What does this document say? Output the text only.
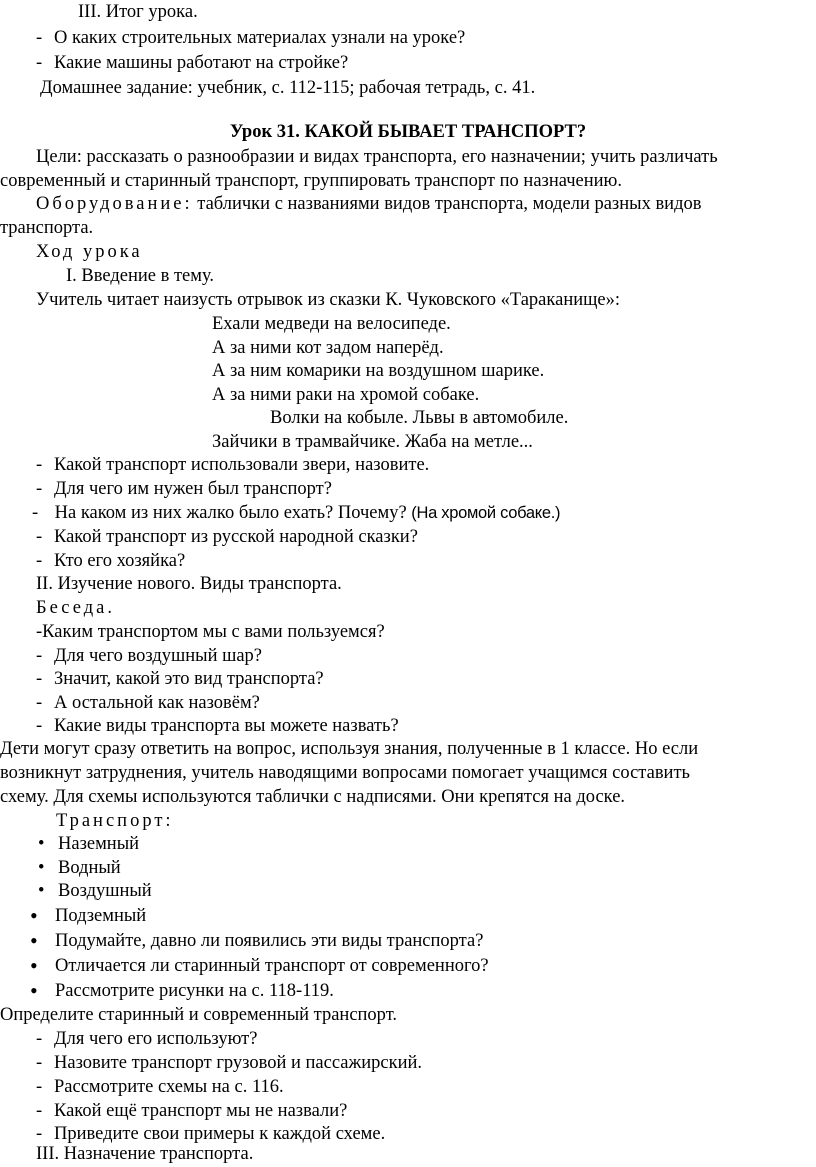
III. Итог урока.
- О каких строительных материалах узнали на уроке?
- Какие машины работают на стройке?
Домашнее задание: учебник, с. 112-115; рабочая тетрадь, с. 41.
Урок 31. КАКОЙ БЫВАЕТ ТРАНСПОРТ?
Цели: рассказать о разнообразии и видах транспорта, его назначении; учить различать
современный и старинный транспорт, группировать транспорт по назначению.
Оборудование: таблички с названиями видов транспорта, модели разных видов
транспорта.
Ход урока
I. Введение в тему.
Учитель читает наизусть отрывок из сказки К. Чуковского «Тараканище»:
Ехали медведи на велосипеде.
А за ними кот задом наперёд.
А за ним комарики на воздушном шарике.
А за ними раки на хромой собаке.
Волки на кобыле. Львы в автомобиле.
Зайчики в трамвайчике. Жаба на метле...
- Какой транспорт использовали звери, назовите.
- Для чего им нужен был транспорт?
- На каком из них жалко было ехать? Почему? (На хромой собаке.)
- Какой транспорт из русской народной сказки?
- Кто его хозяйка?
II. Изучение нового. Виды транспорта.
Беседа.
-Каким транспортом мы с вами пользуемся?
- Для чего воздушный шар?
- Значит, какой это вид транспорта?
- А остальной как назовём?
- Какие виды транспорта вы можете назвать?
Дети могут сразу ответить на вопрос, используя знания, полученные в 1 классе. Но если
возникнут затруднения, учитель наводящими вопросами помогает учащимся составить
схему. Для схемы используются таблички с надписями. Они крепятся на доске.
Транспорт:
• Наземный
• Водный
• Воздушный
• Подземный
• Подумайте, давно ли появились эти виды транспорта?
• Отличается ли старинный транспорт от современного?
• Рассмотрите рисунки на с. 118-119.
Определите старинный и современный транспорт.
- Для чего его используют?
- Назовите транспорт грузовой и пассажирский.
- Рассмотрите схемы на с. 116.
- Какой ещё транспорт мы не назвали?
- Приведите свои примеры к каждой схеме.
III. Назначение транспорта.
